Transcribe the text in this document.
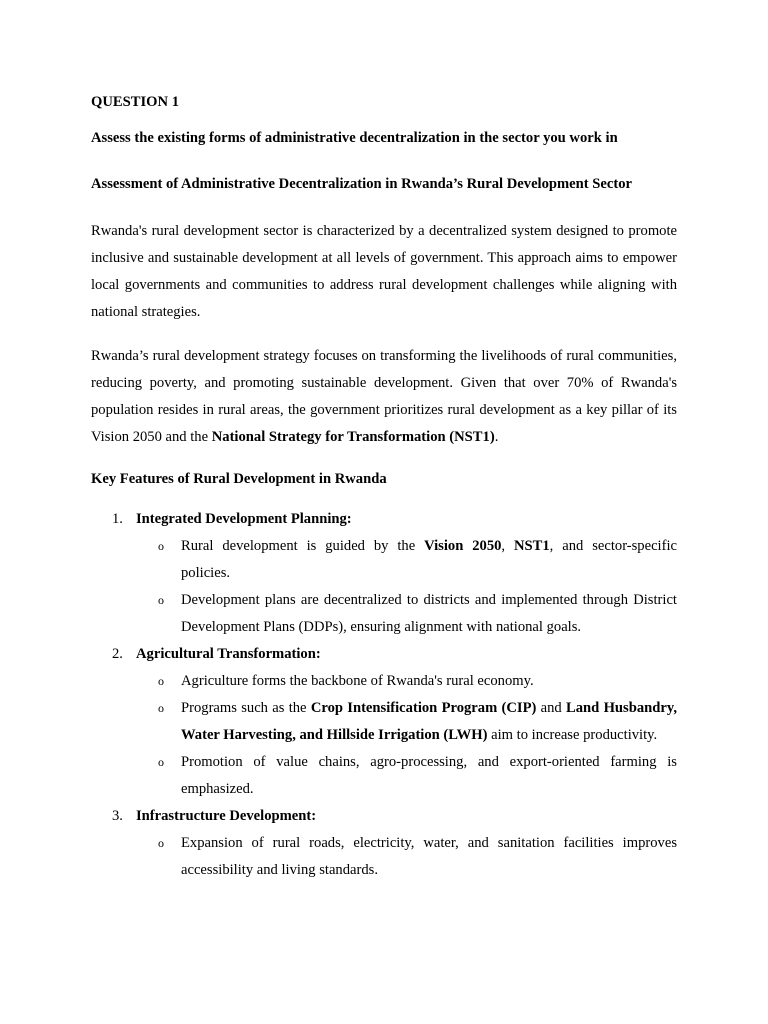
QUESTION 1
Assess the existing forms of administrative decentralization in the sector you work in
Assessment of Administrative Decentralization in Rwanda’s Rural Development Sector

Rwanda's rural development sector is characterized by a decentralized system designed to promote inclusive and sustainable development at all levels of government. This approach aims to empower local governments and communities to address rural development challenges while aligning with national strategies.

Rwanda’s rural development strategy focuses on transforming the livelihoods of rural communities, reducing poverty, and promoting sustainable development. Given that over 70% of Rwanda's population resides in rural areas, the government prioritizes rural development as a key pillar of its Vision 2050 and the National Strategy for Transformation (NST1).

Key Features of Rural Development in Rwanda
1. Integrated Development Planning:
o Rural development is guided by the Vision 2050, NST1, and sector-specific policies.
o Development plans are decentralized to districts and implemented through District Development Plans (DDPs), ensuring alignment with national goals.
2. Agricultural Transformation:
o Agriculture forms the backbone of Rwanda's rural economy.
o Programs such as the Crop Intensification Program (CIP) and Land Husbandry, Water Harvesting, and Hillside Irrigation (LWH) aim to increase productivity.
o Promotion of value chains, agro-processing, and export-oriented farming is emphasized.
3. Infrastructure Development:
o Expansion of rural roads, electricity, water, and sanitation facilities improves accessibility and living standards.
